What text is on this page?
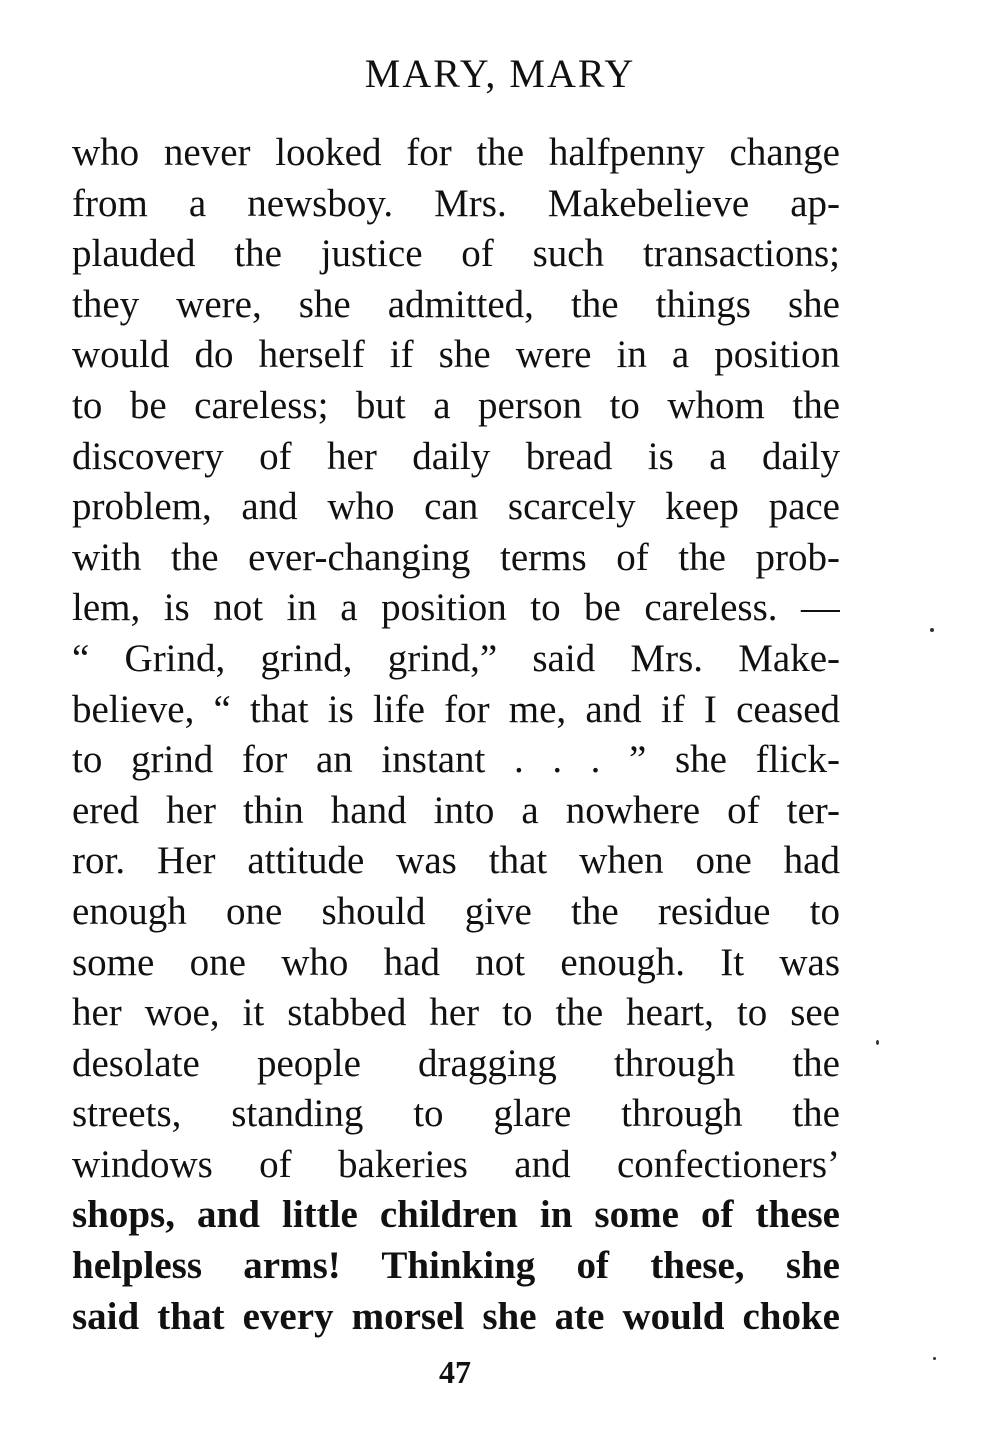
MARY, MARY
who never looked for the halfpenny change
from a newsboy. Mrs. Makebelieve ap-
plauded the justice of such transactions;
they were, she admitted, the things she
would do herself if she were in a position
to be careless; but a person to whom the
discovery of her daily bread is a daily
problem, and who can scarcely keep pace
with the ever-changing terms of the prob-
lem, is not in a position to be careless. —
“ Grind, grind, grind,” said Mrs. Make-
believe, “ that is life for me, and if I ceased
to grind for an instant . . . ” she flick-
ered her thin hand into a nowhere of ter-
ror. Her attitude was that when one had
enough one should give the residue to
some one who had not enough. It was
her woe, it stabbed her to the heart, to see
desolate people dragging through the
streets, standing to glare through the
windows of bakeries and confectioners’
shops, and little children in some of these
helpless arms! Thinking of these, she
said that every morsel she ate would choke
47
